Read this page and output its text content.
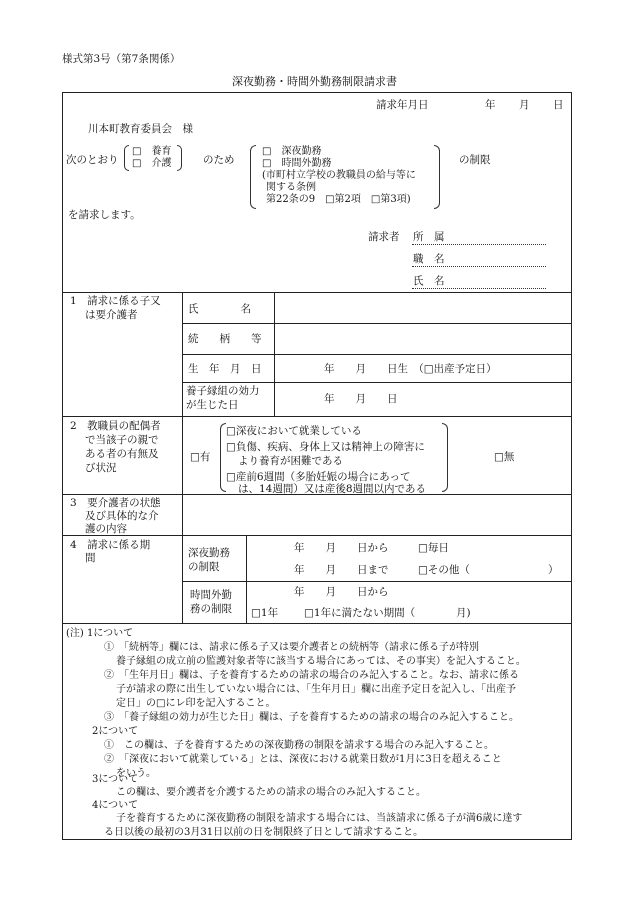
様式第3号（第7条関係）
深夜勤務・時間外勤務制限請求書
請求年月日	年 月 日
川本町教育委員会　様
次のとおり
□　養育
□　介護	のため
□　深夜勤務
□　時間外勤務
(市町村立学校の教職員の給与等に
関する条例
第22条の9　□第2項　□第3項)
の制限
を請求します。
請求者 所　属
職　名
氏　名
1　請求に係る子又
は要介護者	氏　　　　名
続　　柄　　等
生　年　月　日	年　　月　　日生　（□出産予定日）
養子縁組の効力
が生じた日	年　　月　　日
2　教職員の配偶者
で当該子の親で
ある者の有無及
び状況
□有
□深夜において就業している
□負傷、疾病、身体上又は精神上の障害に
より養育が困難である
□産前6週間（多胎妊娠の場合にあって
は、14週間）又は産後8週間以内である
□無
3　要介護者の状態
及び具体的な介
護の内容
4　請求に係る期
間	深夜勤務
の制限
年　　月　　日から	□毎日
年　　月　　日まで	□その他（	）
時間外勤
務の制限
年　　月　　日から
□1年 □1年に満たない期間（	月)
(注) 1について
①　「続柄等」欄には、請求に係る子又は要介護者との続柄等（請求に係る子が特別
養子縁組の成立前の監護対象者等に該当する場合にあっては、その事実）を記入すること。
②　「生年月日」欄は、子を養育するための請求の場合のみ記入すること。なお、請求に係る
子が請求の際に出生していない場合には、「生年月日」欄に出産予定日を記入し、「出産予
定日」の□にレ印を記入すること。
③　「養子縁組の効力が生じた日」欄は、子を養育するための請求の場合のみ記入すること。
2について
①　この欄は、子を養育するための深夜勤務の制限を請求する場合のみ記入すること。
②　「深夜において就業している」とは、深夜における就業日数が1月に3日を超えること
をいう。
3について
この欄は、要介護者を介護するための請求の場合のみ記入すること。
4について
子を養育するために深夜勤務の制限を請求する場合には、当該請求に係る子が満6歳に達す
る日以後の最初の3月31日以前の日を制限終了日として請求すること。
